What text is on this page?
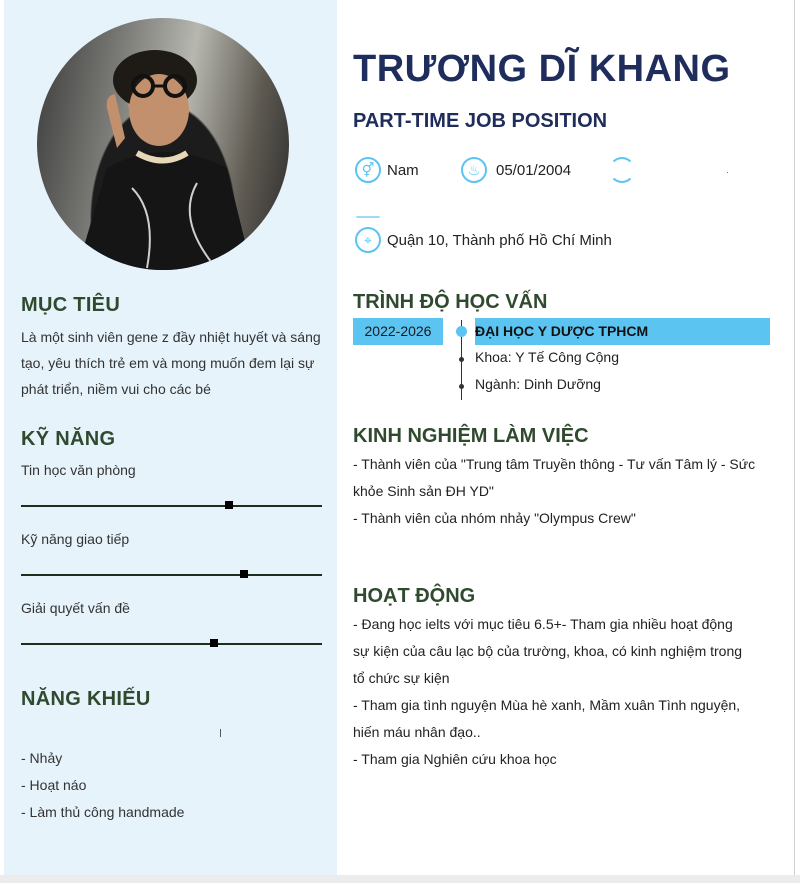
MỤC TIÊU
Là một sinh viên gene z đầy nhiệt huyết và sáng
tạo, yêu thích trẻ em và mong muốn đem lại sự
phát triển, niềm vui cho các bé
KỸ NĂNG
Tin học văn phòng
Kỹ năng giao tiếp
Giải quyết vấn đề
NĂNG KHIẾU
- Nhảy
- Hoạt náo
- Làm thủ công handmade
TRƯƠNG DĨ KHANG
PART-TIME JOB POSITION
⚥ Nam	♨	05/01/2004
⌖	Quận 10, Thành phố Hồ Chí Minh
TRÌNH ĐỘ HỌC VẤN
2022-2026	ĐẠI HỌC Y DƯỢC TPHCM
Khoa: Y Tế Công Cộng
Ngành: Dinh Dưỡng
KINH NGHIỆM LÀM VIỆC
- Thành viên của "Trung tâm Truyền thông - Tư vấn Tâm lý - Sức
khỏe Sinh sản ĐH YD"
- Thành viên của nhóm nhảy "Olympus Crew"
HOẠT ĐỘNG
- Đang học ielts với mục tiêu 6.5+- Tham gia nhiều hoạt động
sự kiện của câu lạc bộ của trường, khoa, có kinh nghiệm trong
tổ chức sự kiện
- Tham gia tình nguyện Mùa hè xanh, Mầm xuân Tình nguyện,
hiến máu nhân đạo..
- Tham gia Nghiên cứu khoa học
